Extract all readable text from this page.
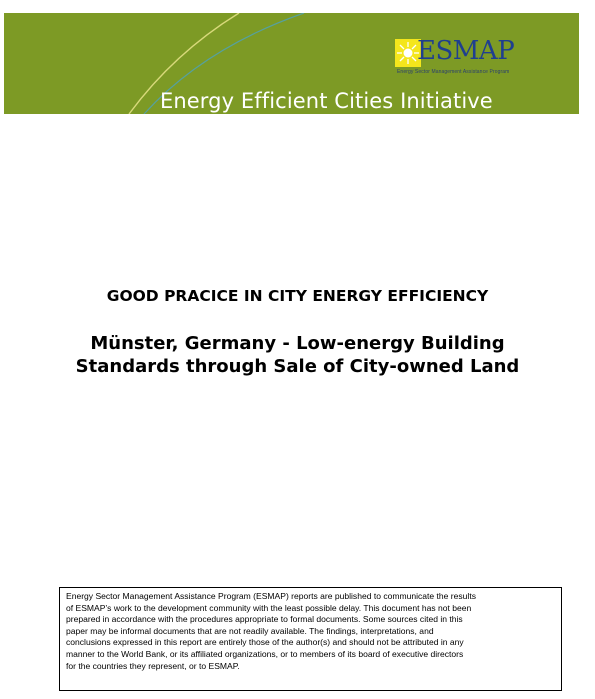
ESMAP
Energy Sector Management Assistance Program
Energy Efficient Cities Initiative
GOOD PRACICE IN CITY ENERGY EFFICIENCY
Münster, Germany - Low-energy Building
Standards through Sale of City-owned Land
Energy Sector Management Assistance Program (ESMAP) reports are published to communicate the results
of ESMAP’s work to the development community with the least possible delay. This document has not been
prepared in accordance with the procedures appropriate to formal documents. Some sources cited in this
paper may be informal documents that are not readily available. The findings, interpretations, and
conclusions expressed in this report are entirely those of the author(s) and should not be attributed in any
manner to the World Bank, or its affiliated organizations, or to members of its board of executive directors
for the countries they represent, or to ESMAP.
